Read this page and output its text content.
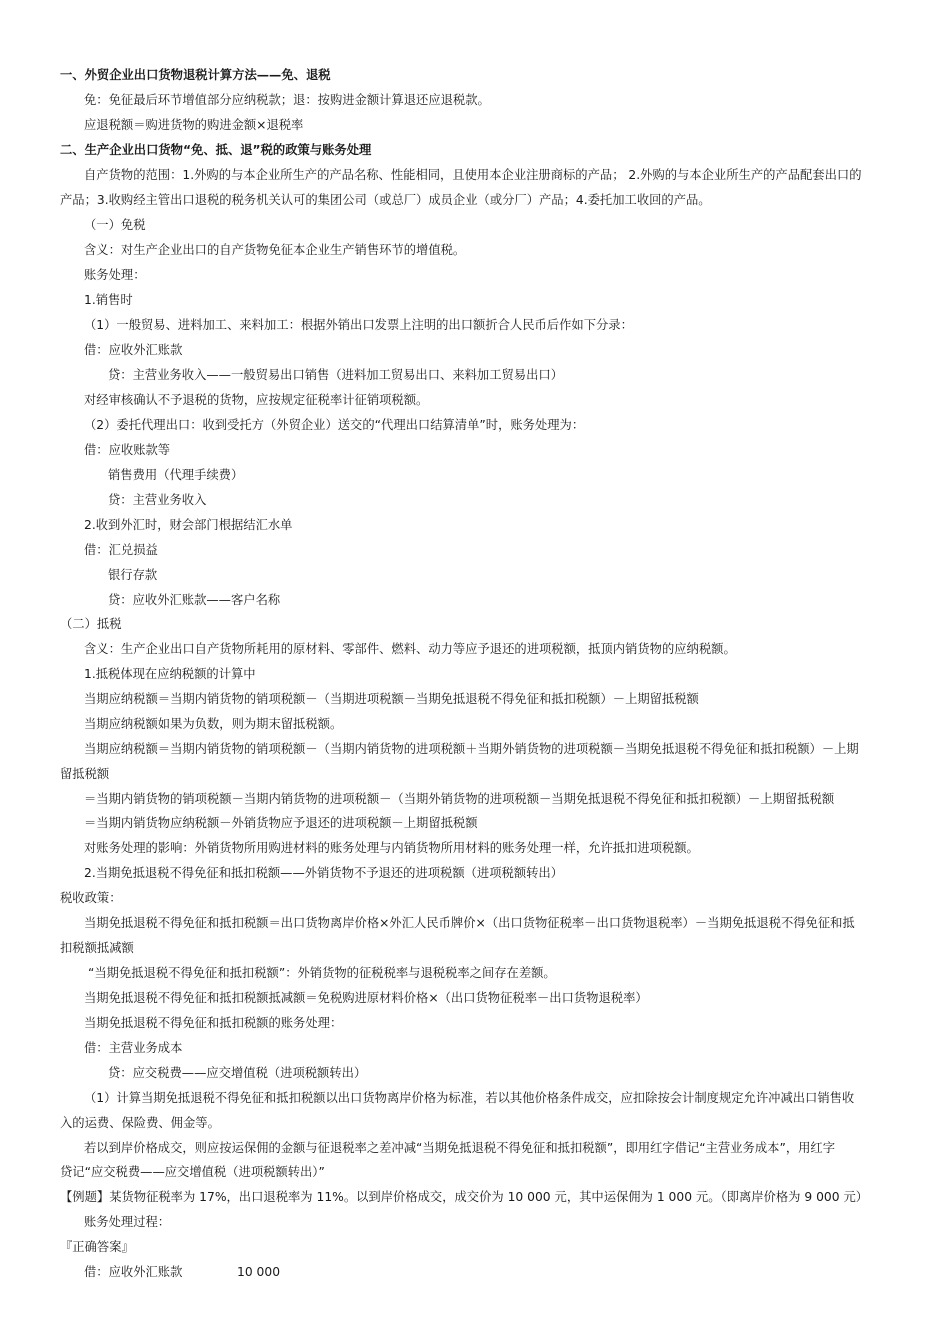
一、外贸企业出口货物退税计算方法——免、退税
免：免征最后环节增值部分应纳税款；退：按购进金额计算退还应退税款。
应退税额＝购进货物的购进金额×退税率
二、生产企业出口货物“免、抵、退”税的政策与账务处理
自产货物的范围：1.外购的与本企业所生产的产品名称、性能相同，且使用本企业注册商标的产品； 2.外购的与本企业所生产的产品配套出口的
产品；3.收购经主管出口退税的税务机关认可的集团公司（或总厂）成员企业（或分厂）产品；4.委托加工收回的产品。
（一）免税
含义：对生产企业出口的自产货物免征本企业生产销售环节的增值税。
账务处理：
1.销售时
（1）一般贸易、进料加工、来料加工：根据外销出口发票上注明的出口额折合人民币后作如下分录：
借：应收外汇账款
贷：主营业务收入——一般贸易出口销售（进料加工贸易出口、来料加工贸易出口）
对经审核确认不予退税的货物，应按规定征税率计征销项税额。
（2）委托代理出口：收到受托方（外贸企业）送交的“代理出口结算清单”时，账务处理为：
借：应收账款等
销售费用（代理手续费）
贷：主营业务收入
2.收到外汇时，财会部门根据结汇水单
借：汇兑损益
银行存款
贷：应收外汇账款——客户名称
（二）抵税
含义：生产企业出口自产货物所耗用的原材料、零部件、燃料、动力等应予退还的进项税额，抵顶内销货物的应纳税额。
1.抵税体现在应纳税额的计算中
当期应纳税额＝当期内销货物的销项税额－（当期进项税额－当期免抵退税不得免征和抵扣税额）－上期留抵税额
当期应纳税额如果为负数，则为期末留抵税额。
当期应纳税额＝当期内销货物的销项税额－（当期内销货物的进项税额＋当期外销货物的进项税额－当期免抵退税不得免征和抵扣税额）－上期
留抵税额
＝当期内销货物的销项税额－当期内销货物的进项税额－（当期外销货物的进项税额－当期免抵退税不得免征和抵扣税额）－上期留抵税额
＝当期内销货物应纳税额－外销货物应予退还的进项税额－上期留抵税额
对账务处理的影响：外销货物所用购进材料的账务处理与内销货物所用材料的账务处理一样，允许抵扣进项税额。
2.当期免抵退税不得免征和抵扣税额——外销货物不予退还的进项税额（进项税额转出）
税收政策：
当期免抵退税不得免征和抵扣税额＝出口货物离岸价格×外汇人民币牌价×（出口货物征税率－出口货物退税率）－当期免抵退税不得免征和抵
扣税额抵减额
“当期免抵退税不得免征和抵扣税额”：外销货物的征税税率与退税税率之间存在差额。
当期免抵退税不得免征和抵扣税额抵减额＝免税购进原材料价格×（出口货物征税率－出口货物退税率）
当期免抵退税不得免征和抵扣税额的账务处理：
借：主营业务成本
贷：应交税费——应交增值税（进项税额转出）
（1）计算当期免抵退税不得免征和抵扣税额以出口货物离岸价格为标准，若以其他价格条件成交，应扣除按会计制度规定允许冲减出口销售收
入的运费、保险费、佣金等。
若以到岸价格成交，则应按运保佣的金额与征退税率之差冲减“当期免抵退税不得免征和抵扣税额”，即用红字借记“主营业务成本”，用红字
贷记“应交税费——应交增值税（进项税额转出）”
【例题】某货物征税率为 17%，出口退税率为 11%。以到岸价格成交，成交价为 10 000 元，其中运保佣为 1 000 元。（即离岸价格为 9 000 元）
账务处理过程：
『正确答案』
借：应收外汇账款	10 000
